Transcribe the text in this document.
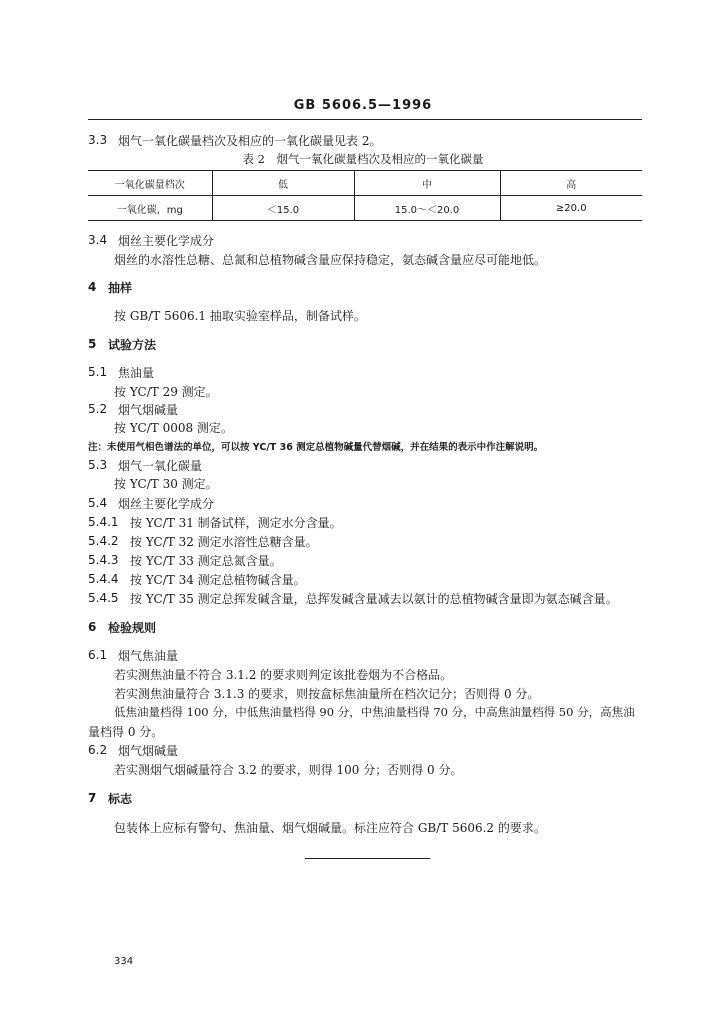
GB 5606.5—1996
3.3 烟气一氧化碳量档次及相应的一氧化碳量见表 2。
表 2　烟气一氧化碳量档次及相应的一氧化碳量
一氧化碳量档次	低	中	高
一氧化碳，mg	＜15.0	15.0～＜20.0	≥20.0
3.4 烟丝主要化学成分
烟丝的水溶性总糖、总氮和总植物碱含量应保持稳定，氨态碱含量应尽可能地低。
4 抽样
按 GB/T 5606.1 抽取实验室样品，制备试样。
5 试验方法
5.1 焦油量
按 YC/T 29 测定。
5.2 烟气烟碱量
按 YC/T 0008 测定。
注：未使用气相色谱法的单位，可以按 YC/T 36 测定总植物碱量代替烟碱，并在结果的表示中作注解说明。
5.3 烟气一氧化碳量
按 YC/T 30 测定。
5.4 烟丝主要化学成分
5.4.1 按 YC/T 31 制备试样，测定水分含量。
5.4.2 按 YC/T 32 测定水溶性总糖含量。
5.4.3 按 YC/T 33 测定总氮含量。
5.4.4 按 YC/T 34 测定总植物碱含量。
5.4.5 按 YC/T 35 测定总挥发碱含量，总挥发碱含量减去以氨计的总植物碱含量即为氨态碱含量。
6 检验规则
6.1 烟气焦油量
若实测焦油量不符合 3.1.2 的要求则判定该批卷烟为不合格品。
若实测焦油量符合 3.1.3 的要求，则按盒标焦油量所在档次记分；否则得 0 分。
低焦油量档得 100 分，中低焦油量档得 90 分，中焦油量档得 70 分，中高焦油量档得 50 分，高焦油
量档得 0 分。
6.2 烟气烟碱量
若实测烟气烟碱量符合 3.2 的要求，则得 100 分；否则得 0 分。
7 标志
包装体上应标有警句、焦油量、烟气烟碱量。标注应符合 GB/T 5606.2 的要求。
334
